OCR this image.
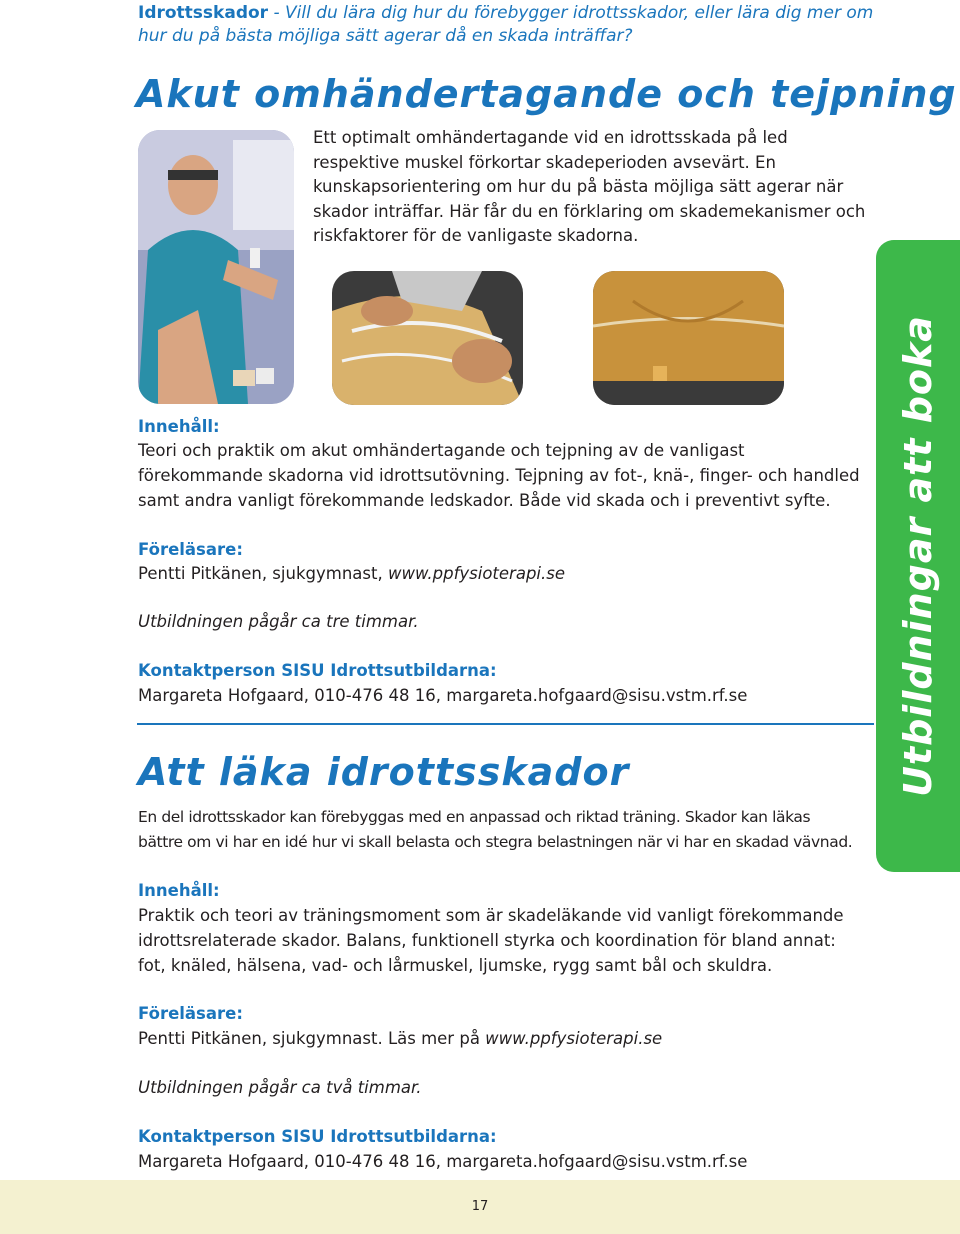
Idrottsskador - Vill du lära dig hur du förebygger idrottsskador, eller lära dig mer om hur du på bästa möjliga sätt agerar då en skada inträffar?
Akut omhändertagande och tejpning
Ett optimalt omhändertagande vid en idrottsskada på led respektive muskel förkortar skadeperioden avsevärt. En kunskapsorientering om hur du på bästa möjliga sätt agerar när skador inträffar. Här får du en förklaring om skademekanismer och riskfaktorer för de vanligaste skadorna.
Innehåll:
Teori och praktik om akut omhändertagande och tejpning av de vanligast förekommande skadorna vid idrottsutövning. Tejpning av fot-, knä-, finger- och handled samt andra vanligt förekommande ledskador. Både vid skada och i preventivt syfte.
Föreläsare:
Pentti Pitkänen, sjukgymnast, www.ppfysioterapi.se
Utbildningen pågår ca tre timmar.
Kontaktperson SISU Idrottsutbildarna:
Margareta Hofgaard, 010-476 48 16, margareta.hofgaard@sisu.vstm.rf.se
Att läka idrottsskador
En del idrottsskador kan förebyggas med en anpassad och riktad träning. Skador kan läkas bättre om vi har en idé hur vi skall belasta och stegra belastningen när vi har en skadad vävnad.
Innehåll:
Praktik och teori av träningsmoment som är skadeläkande vid vanligt förekommande idrottsrelaterade skador. Balans, funktionell styrka och koordination för bland annat: fot, knäled, hälsena, vad- och lårmuskel, ljumske, rygg samt bål och skuldra.
Föreläsare:
Pentti Pitkänen, sjukgymnast. Läs mer på www.ppfysioterapi.se
Utbildningen pågår ca två timmar.
Kontaktperson SISU Idrottsutbildarna:
Margareta Hofgaard, 010-476 48 16, margareta.hofgaard@sisu.vstm.rf.se
Utbildningar att boka
17
